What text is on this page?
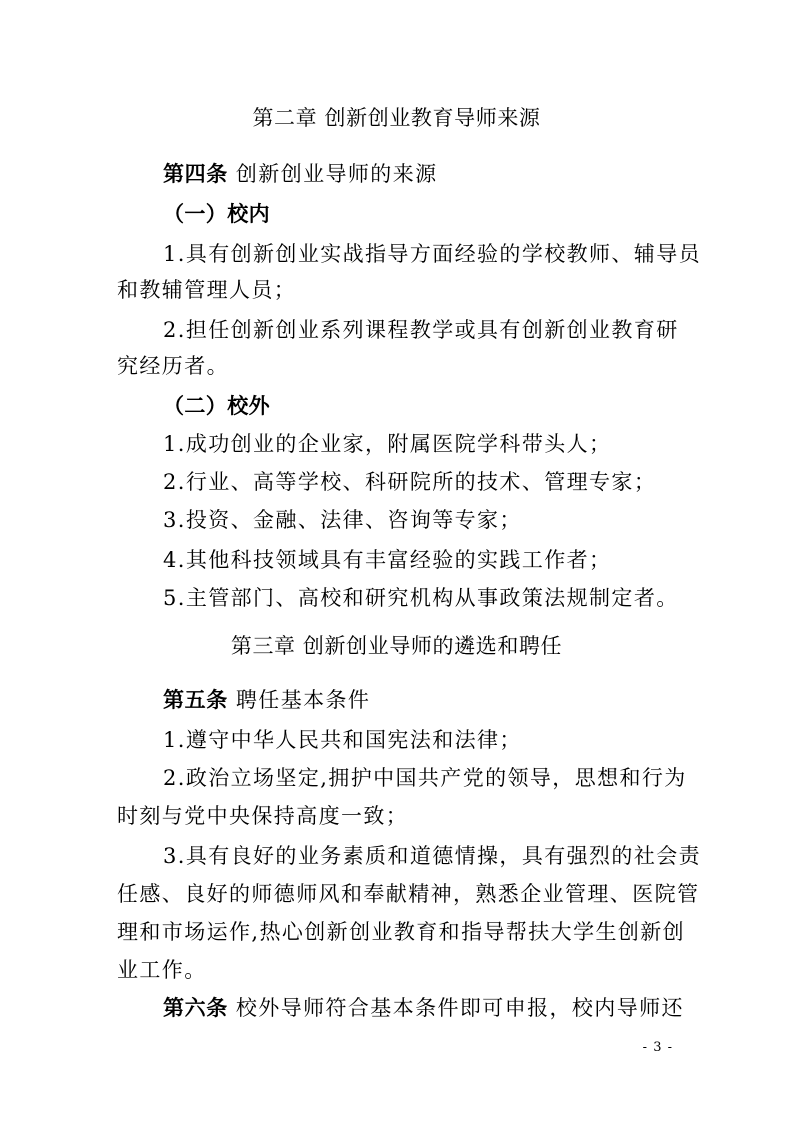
第二章 创新创业教育导师来源
第四条 创新创业导师的来源
（一）校内
1.具有创新创业实战指导方面经验的学校教师、辅导员
和教辅管理人员；
2.担任创新创业系列课程教学或具有创新创业教育研
究经历者。
（二）校外
1.成功创业的企业家，附属医院学科带头人；
2.行业、高等学校、科研院所的技术、管理专家；
3.投资、金融、法律、咨询等专家；
4.其他科技领域具有丰富经验的实践工作者；
5.主管部门、高校和研究机构从事政策法规制定者。
第三章 创新创业导师的遴选和聘任
第五条 聘任基本条件
1.遵守中华人民共和国宪法和法律；
2.政治立场坚定,拥护中国共产党的领导，思想和行为
时刻与党中央保持高度一致；
3.具有良好的业务素质和道德情操，具有强烈的社会责
任感、良好的师德师风和奉献精神，熟悉企业管理、医院管
理和市场运作,热心创新创业教育和指导帮扶大学生创新创
业工作。
第六条 校外导师符合基本条件即可申报，校内导师还
- 3 -
